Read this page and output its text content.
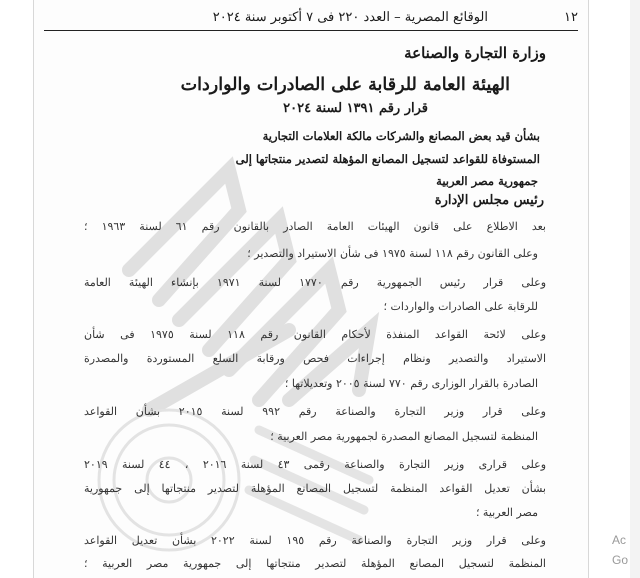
١٢
الوقائع المصرية – العدد ٢٢٠ فى ٧ أكتوبر سنة ٢٠٢٤
وزارة التجارة والصناعة
الهيئة العامة للرقابة على الصادرات والواردات
قرار رقم ١٣٩١ لسنة ٢٠٢٤
بشأن قيد بعض المصانع والشركات مالكة العلامات التجارية
المستوفاة للقواعد لتسجيل المصانع المؤهلة لتصدير منتجاتها إلى
جمهورية مصر العربية
رئيس مجلس الإدارة
بعد الاطلاع على قانون الهيئات العامة الصادر بالقانون رقم ٦١ لسنة ١٩٦٣ ؛
وعلى القانون رقم ١١٨ لسنة ١٩٧٥ فى شأن الاستيراد والتصدير ؛
وعلى قرار رئيس الجمهورية رقم ١٧٧٠ لسنة ١٩٧١ بإنشاء الهيئة العامة
للرقابة على الصادرات والواردات ؛
وعلى لائحة القواعد المنفذة لأحكام القانون رقم ١١٨ لسنة ١٩٧٥ فى شأن
الاستيراد والتصدير ونظام إجراءات فحص ورقابة السلع المستوردة والمصدرة
الصادرة بالقرار الوزارى رقم ٧٧٠ لسنة ٢٠٠٥ وتعديلاتها ؛
وعلى قرار وزير التجارة والصناعة رقم ٩٩٢ لسنة ٢٠١٥ بشأن القواعد
المنظمة لتسجيل المصانع المصدرة لجمهورية مصر العربية ؛
وعلى قرارى وزير التجارة والصناعة رقمى ٤٣ لسنة ٢٠١٦ ، ٤٤ لسنة ٢٠١٩
بشأن تعديل القواعد المنظمة لتسجيل المصانع المؤهلة لتصدير منتجاتها إلى جمهورية
مصر العربية ؛
وعلى قرار وزير التجارة والصناعة رقم ١٩٥ لسنة ٢٠٢٢ بشأن تعديل القواعد
المنظمة لتسجيل المصانع المؤهلة لتصدير منتجاتها إلى جمهورية مصر العربية ؛
Ac
Go
